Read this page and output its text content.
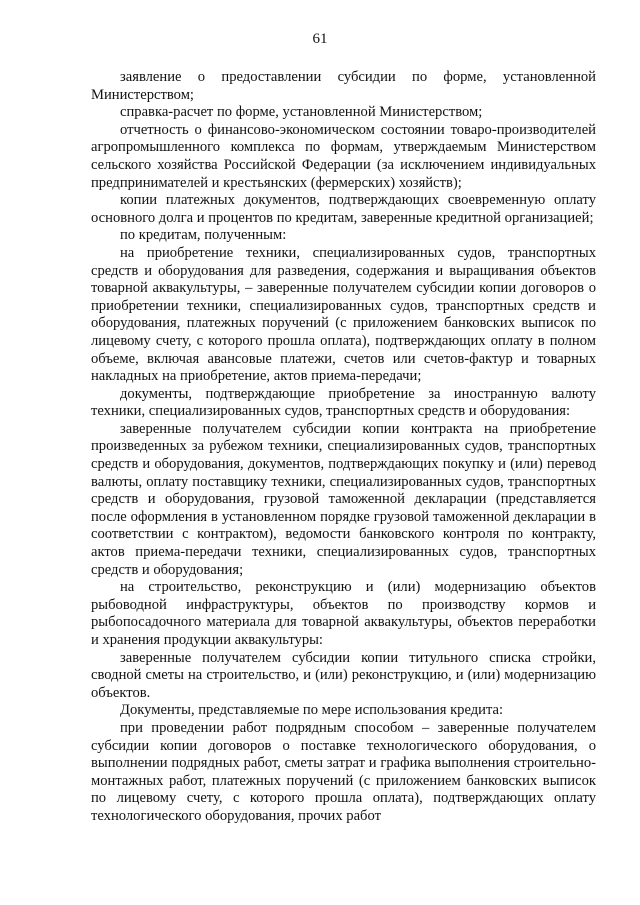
61

заявление о предоставлении субсидии по форме, установленной Министерством;

справка-расчет по форме, установленной Министерством;

отчетность о финансово-экономическом состоянии товаро-производителей агропромышленного комплекса по формам, утверждаемым Министерством сельского хозяйства Российской Федерации (за исключением индивидуальных предпринимателей и крестьянских (фермерских) хозяйств);

копии платежных документов, подтверждающих своевременную оплату основного долга и процентов по кредитам, заверенные кредитной организацией;

по кредитам, полученным:

на приобретение техники, специализированных судов, транспортных средств и оборудования для разведения, содержания и выращивания объектов товарной аквакультуры, – заверенные получателем субсидии копии договоров о приобретении техники, специализированных судов, транспортных средств и оборудования, платежных поручений (с приложением банковских выписок по лицевому счету, с которого прошла оплата), подтверждающих оплату в полном объеме, включая авансовые платежи, счетов или счетов-фактур и товарных накладных на приобретение, актов приема-передачи;

документы, подтверждающие приобретение за иностранную валюту техники, специализированных судов, транспортных средств и оборудования:

заверенные получателем субсидии копии контракта на приобретение произведенных за рубежом техники, специализированных судов, транспортных средств и оборудования, документов, подтверждающих покупку и (или) перевод валюты, оплату поставщику техники, специализированных судов, транспортных средств и оборудования, грузовой таможенной декларации (представляется после оформления в установленном порядке грузовой таможенной декларации в соответствии с контрактом), ведомости банковского контроля по контракту, актов приема-передачи техники, специализированных судов, транспортных средств и оборудования;

на строительство, реконструкцию и (или) модернизацию объектов рыбоводной инфраструктуры, объектов по производству кормов и рыбопосадочного материала для товарной аквакультуры, объектов переработки и хранения продукции аквакультуры:

заверенные получателем субсидии копии титульного списка стройки, сводной сметы на строительство, и (или) реконструкцию, и (или) модернизацию объектов.

Документы, представляемые по мере использования кредита:

при проведении работ подрядным способом – заверенные получателем субсидии копии договоров о поставке технологического оборудования, о выполнении подрядных работ, сметы затрат и графика выполнения строительно-монтажных работ, платежных поручений (с приложением банковских выписок по лицевому счету, с которого прошла оплата), подтверждающих оплату технологического оборудования, прочих работ
